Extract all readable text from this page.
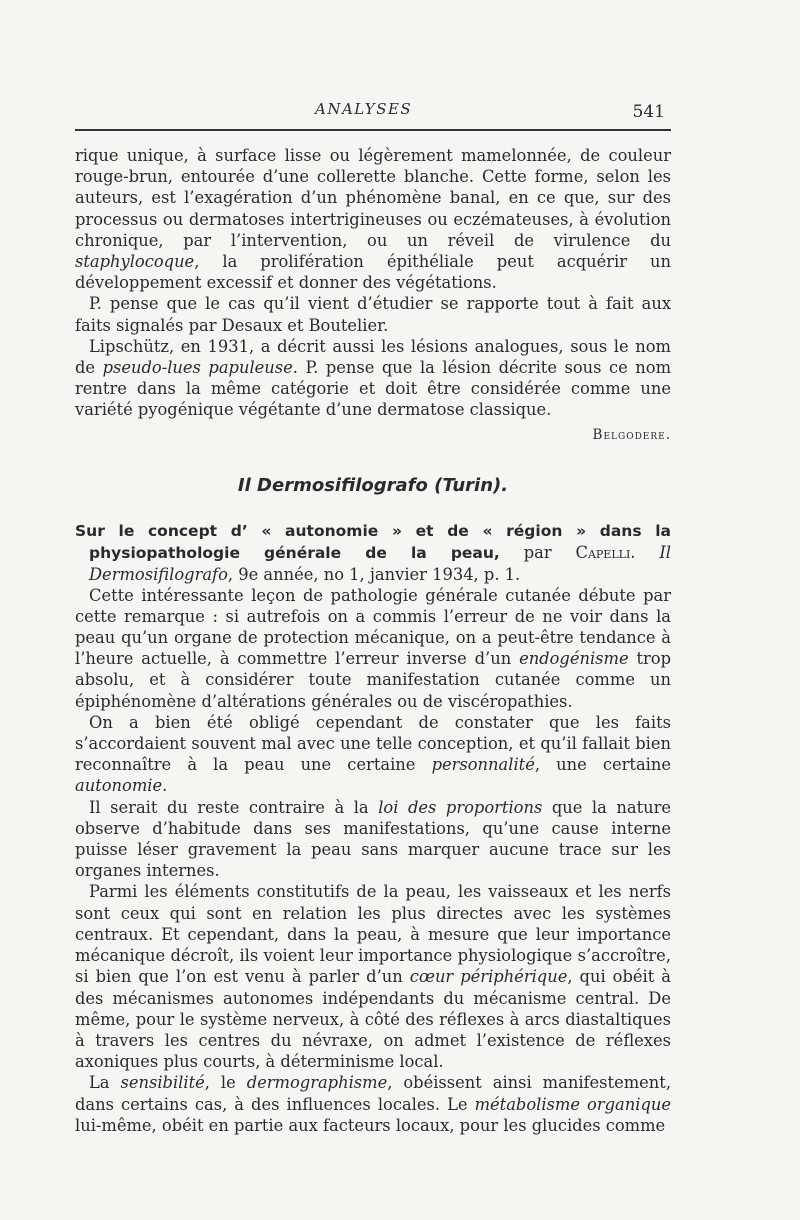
ANALYSES	541

rique unique, à surface lisse ou légèrement mamelonnée, de couleur rouge-brun, entourée d’une collerette blanche. Cette forme, selon les auteurs, est l’exagération d’un phénomène banal, en ce que, sur des processus ou dermatoses intertrigineuses ou eczémateuses, à évolution chronique, par l’intervention, ou un réveil de virulence du staphylocoque, la prolifération épithéliale peut acquérir un développement excessif et donner des végétations.

P. pense que le cas qu’il vient d’étudier se rapporte tout à fait aux faits signalés par Desaux et Boutelier.

Lipschütz, en 1931, a décrit aussi les lésions analogues, sous le nom de pseudo-lues papuleuse. P. pense que la lésion décrite sous ce nom rentre dans la même catégorie et doit être considérée comme une variété pyogénique végétante d’une dermatose classique.

Belgodere.
Il Dermosifilografo (Turin).

Sur le concept d’ « autonomie » et de « région » dans la physiopathologie générale de la peau, par Capelli. Il Dermosifilografo, 9e année, no 1, janvier 1934, p. 1.

Cette intéressante leçon de pathologie générale cutanée débute par cette remarque : si autrefois on a commis l’erreur de ne voir dans la peau qu’un organe de protection mécanique, on a peut-être tendance à l’heure actuelle, à commettre l’erreur inverse d’un endogénisme trop absolu, et à considérer toute manifestation cutanée comme un épiphénomène d’altérations générales ou de viscéropathies.

On a bien été obligé cependant de constater que les faits s’accordaient souvent mal avec une telle conception, et qu’il fallait bien reconnaître à la peau une certaine personnalité, une certaine autonomie.

Il serait du reste contraire à la loi des proportions que la nature observe d’habitude dans ses manifestations, qu’une cause interne puisse léser gravement la peau sans marquer aucune trace sur les organes internes.

Parmi les éléments constitutifs de la peau, les vaisseaux et les nerfs sont ceux qui sont en relation les plus directes avec les systèmes centraux. Et cependant, dans la peau, à mesure que leur importance mécanique décroît, ils voient leur importance physiologique s’accroître, si bien que l’on est venu à parler d’un cœur périphérique, qui obéit à des mécanismes autonomes indépendants du mécanisme central. De même, pour le système nerveux, à côté des réflexes à arcs diastaltiques à travers les centres du névraxe, on admet l’existence de réflexes axoniques plus courts, à déterminisme local.

La sensibilité, le dermographisme, obéissent ainsi manifestement, dans certains cas, à des influences locales. Le métabolisme organique lui-même, obéit en partie aux facteurs locaux, pour les glucides comme
